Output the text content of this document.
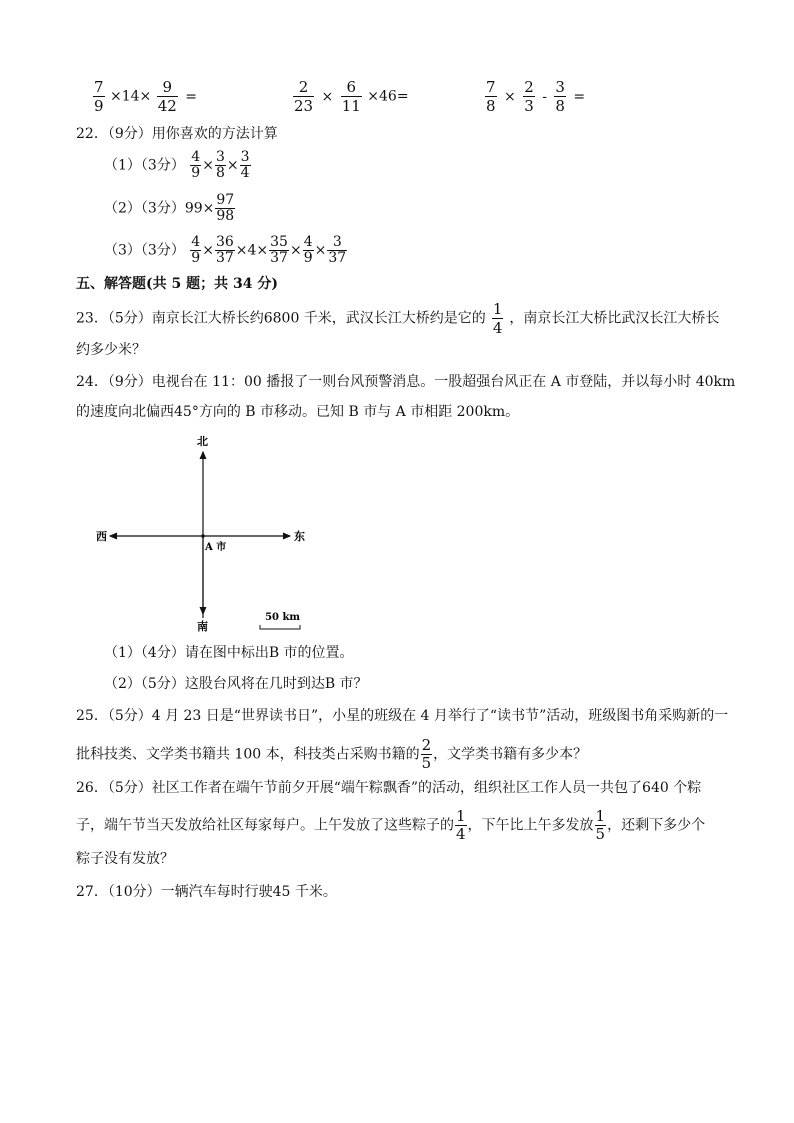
$\frac{7}{9} \times 14\times \frac{9}{42}$ =	$\frac{2}{23} \times \frac{6}{11} \times 46=$	$\frac{7}{8} \times \frac{2}{3} - \frac{3}{8}$ =
22．（9分）用你喜欢的方法计算
（1）（3分） $\frac{4}{9} \times \frac{3}{8} \times \frac{3}{4}$
（2）（3分）$99\times \frac{97}{98}$
（3）（3分） $\frac{4}{9} \times \frac{36}{37} \times 4\times \frac{35}{37} \times \frac{4}{9} \times \frac{3}{37}$
五、解答题(共 5 题；共 34 分)
23．（5分）南京长江大桥长约6800 千米，武汉长江大桥约是它的 $\frac{1}{4}$ ，南京长江大桥比武汉长江大桥长
约多少米？
24．（9分）电视台在 11：00 播报了一则台风预警消息。一股超强台风正在 A 市登陆，并以每小时 40km
的速度向北偏西45°方向的 B 市移动。已知 B 市与 A 市相距 200km。
北
南
西	东
A 市
50 km
（1）（4分）请在图中标出B 市的位置。
（2）（5分）这股台风将在几时到达B 市？
25．（5分）4 月 23 日是“世界读书日”，小星的班级在 4 月举行了“读书节”活动，班级图书角采购新的一
批科技类、文学类书籍共 100 本，科技类占采购书籍的 $\frac{2}{5}$ ，文学类书籍有多少本？
26．（5分）社区工作者在端午节前夕开展“端午粽飘香”的活动，组织社区工作人员一共包了640 个粽
子，端午节当天发放给社区每家每户。上午发放了这些粽子的 $\frac{1}{4}$ ，下午比上午多发放 $\frac{1}{5}$ ，还剩下多少个
粽子没有发放？
27．（10分）一辆汽车每时行驶45 千米。
